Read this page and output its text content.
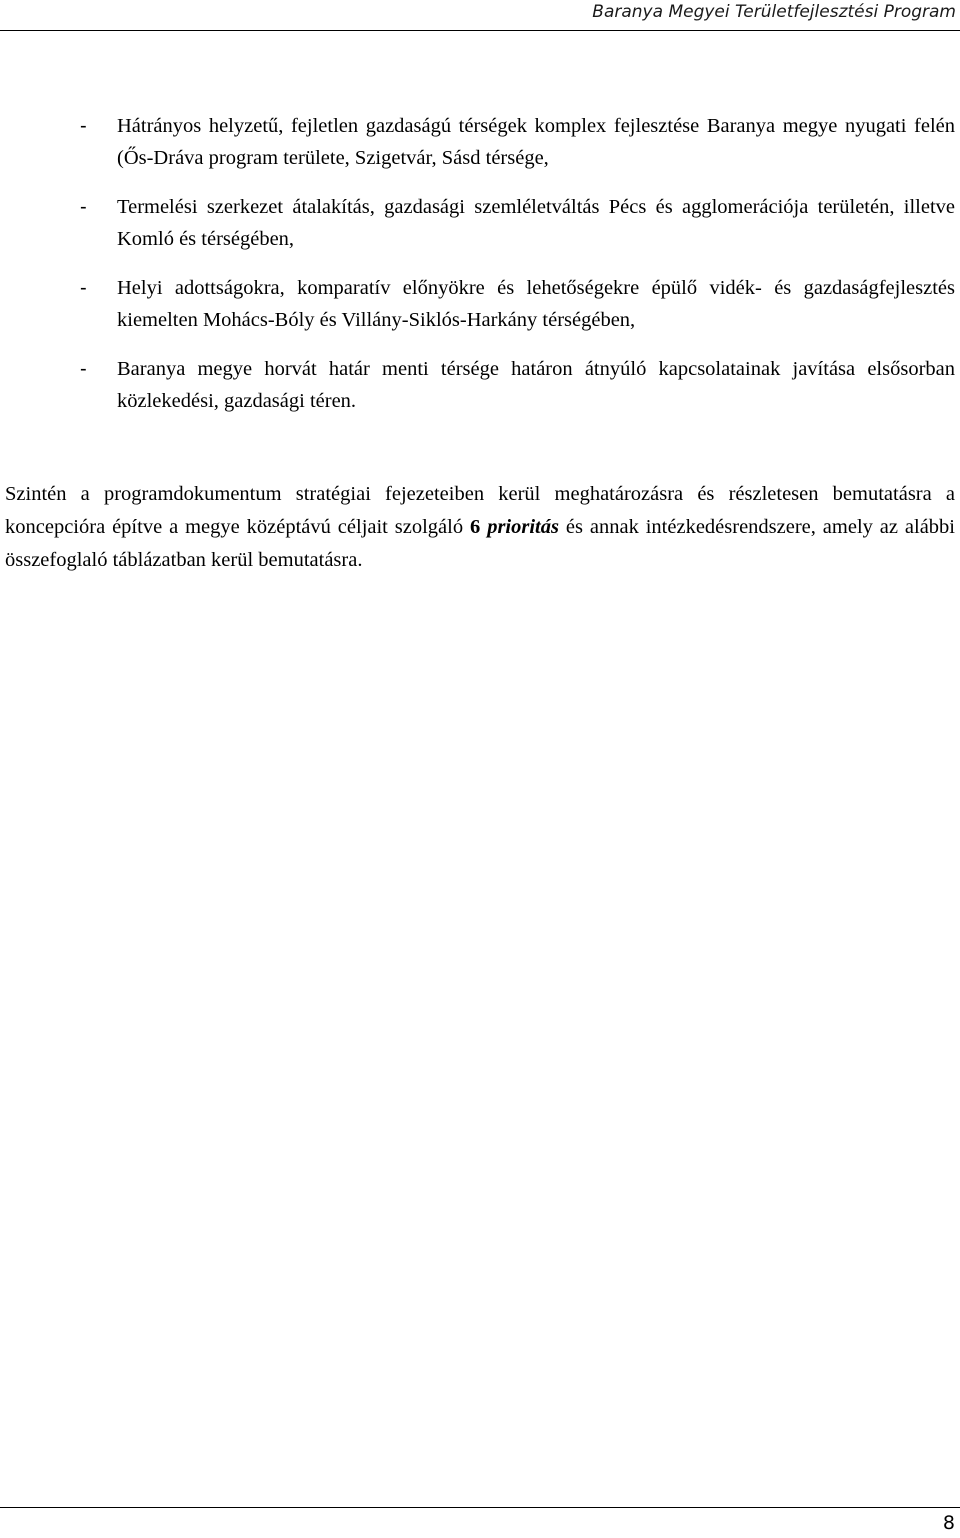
Baranya Megyei Területfejlesztési Program
- Hátrányos helyzetű, fejletlen gazdaságú térségek komplex fejlesztése Baranya megye nyugati felén (Ős-Dráva program területe, Szigetvár, Sásd térsége,
- Termelési szerkezet átalakítás, gazdasági szemléletváltás Pécs és agglomerációja területén, illetve Komló és térségében,
- Helyi adottságokra, komparatív előnyökre és lehetőségekre épülő vidék- és gazdaságfejlesztés kiemelten Mohács-Bóly és Villány-Siklós-Harkány térségében,
- Baranya megye horvát határ menti térsége határon átnyúló kapcsolatainak javítása elsősorban közlekedési, gazdasági téren.

Szintén a programdokumentum stratégiai fejezeteiben kerül meghatározásra és részletesen bemutatásra a koncepcióra építve a megye középtávú céljait szolgáló 6 prioritás és annak intézkedésrendszere, amely az alábbi összefoglaló táblázatban kerül bemutatásra.

8
